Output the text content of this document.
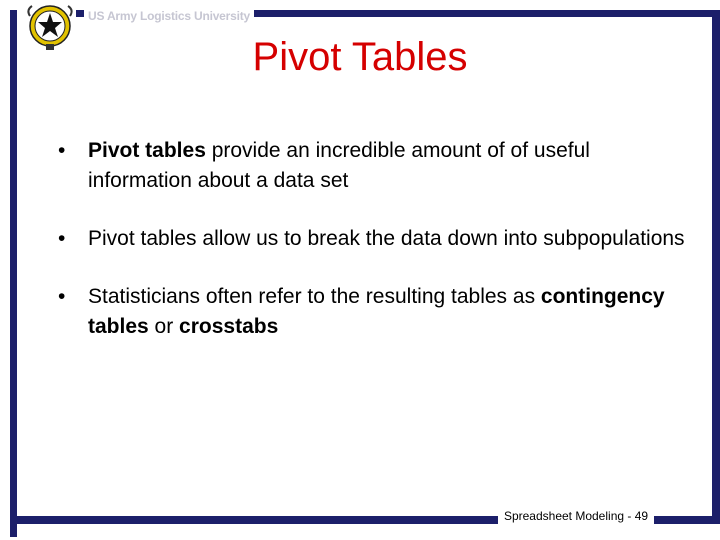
US Army Logistics University
Pivot Tables
• Pivot tables provide an incredible amount of of useful information about a data set
• Pivot tables allow us to break the data down into subpopulations
• Statisticians often refer to the resulting tables as contingency tables or crosstabs
Spreadsheet Modeling - 49
